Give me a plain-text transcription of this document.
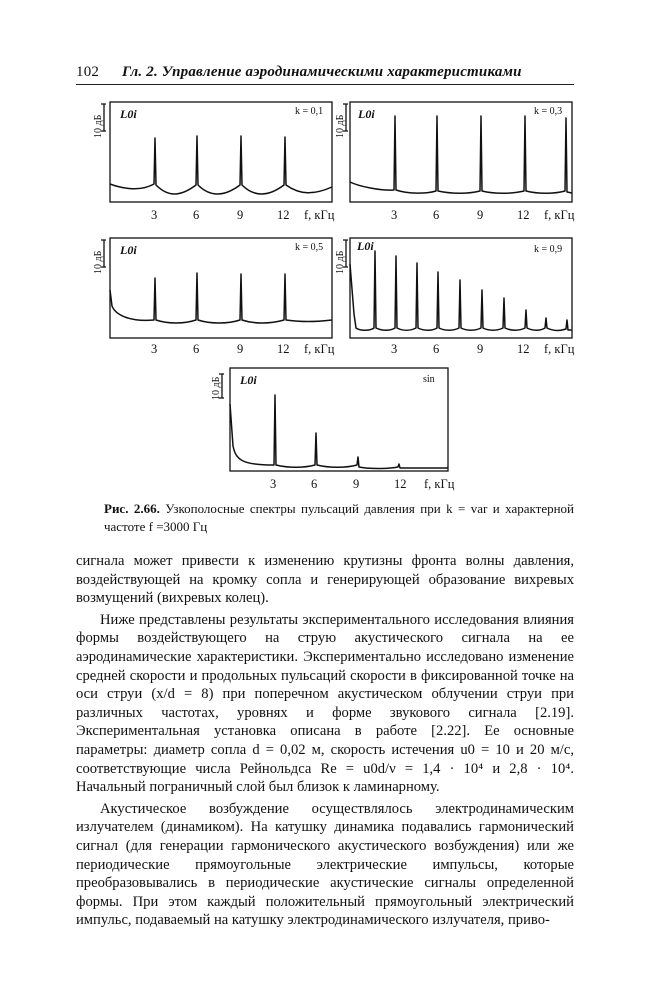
102 Гл. 2. Управление аэродинамическими характеристиками
10 дБ
L0i	k = 0,1
3	6	9	12 f, кГц
10 дБ
L0i	k = 0,3
3	6	9	12 f, кГц
10 дБ
L0i	k = 0,5
3	6	9	12 f, кГц
10 дБ
L0i	k = 0,9
3	6	9	12 f, кГц
10 дБ L0i	sin
3	6	9	12 f, кГц
Рис. 2.66. Узкополосные спектры пульсаций давления при k = var и характерной частоте f =3000 Гц

сигнала может привести к изменению крутизны фронта волны давления, воздействующей на кромку сопла и генерирующей образование вихревых возмущений (вихревых колец).

Ниже представлены результаты экспериментального исследования влияния формы воздействующего на струю акустического сигнала на ее аэродинамические характеристики. Экспериментально исследовано изменение средней скорости и продольных пульсаций скорости в фиксированной точке на оси струи (x/d = 8) при поперечном акустическом облучении струи при различных частотах, уровнях и форме звукового сигнала [2.19]. Экспериментальная установка описана в работе [2.22]. Ее основные параметры: диаметр сопла d = 0,02 м, скорость истечения u0 = 10 и 20 м/с, соответствующие числа Рейнольдса Re = u0d/ν = 1,4 · 10⁴ и 2,8 · 10⁴. Начальный пограничный слой был близок к ламинарному.

Акустическое возбуждение осуществлялось электродинамическим излучателем (динамиком). На катушку динамика подавались гармонический сигнал (для генерации гармонического акустического возбуждения) или же периодические прямоугольные электрические импульсы, которые преобразовывались в периодические акустические сигналы определенной формы. При этом каждый положительный прямоугольный электрический импульс, подаваемый на катушку электродинамического излучателя, приво-
